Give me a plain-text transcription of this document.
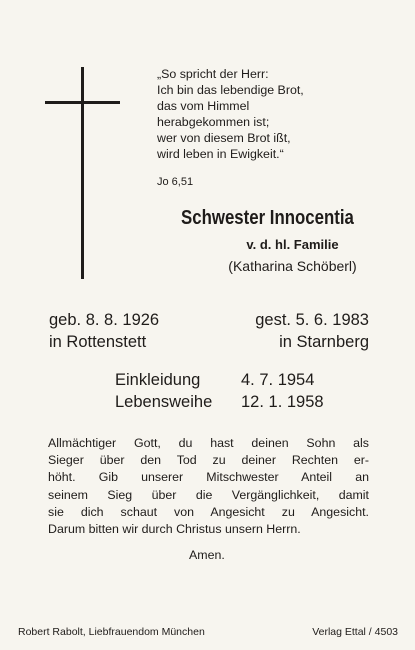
„So spricht der Herr:
Ich bin das lebendige Brot,
das vom Himmel
herabgekommen ist;
wer von diesem Brot ißt,
wird leben in Ewigkeit.“
Jo 6,51
Schwester Innocentia
v. d. hl. Familie
(Katharina Schöberl)
geb. 8. 8. 1926	gest. 5. 6. 1983
in Rottenstett	in Starnberg
Einkleidung	4. 7. 1954
Lebensweihe	12. 1. 1958
Allmächtiger Gott, du hast deinen Sohn als
Sieger über den Tod zu deiner Rechten er-
höht. Gib unserer Mitschwester Anteil an
seinem Sieg über die Vergänglichkeit, damit
sie dich schaut von Angesicht zu Angesicht.
Darum bitten wir durch Christus unsern Herrn.
Amen.
Robert Rabolt, Liebfrauendom München	Verlag Ettal / 4503
